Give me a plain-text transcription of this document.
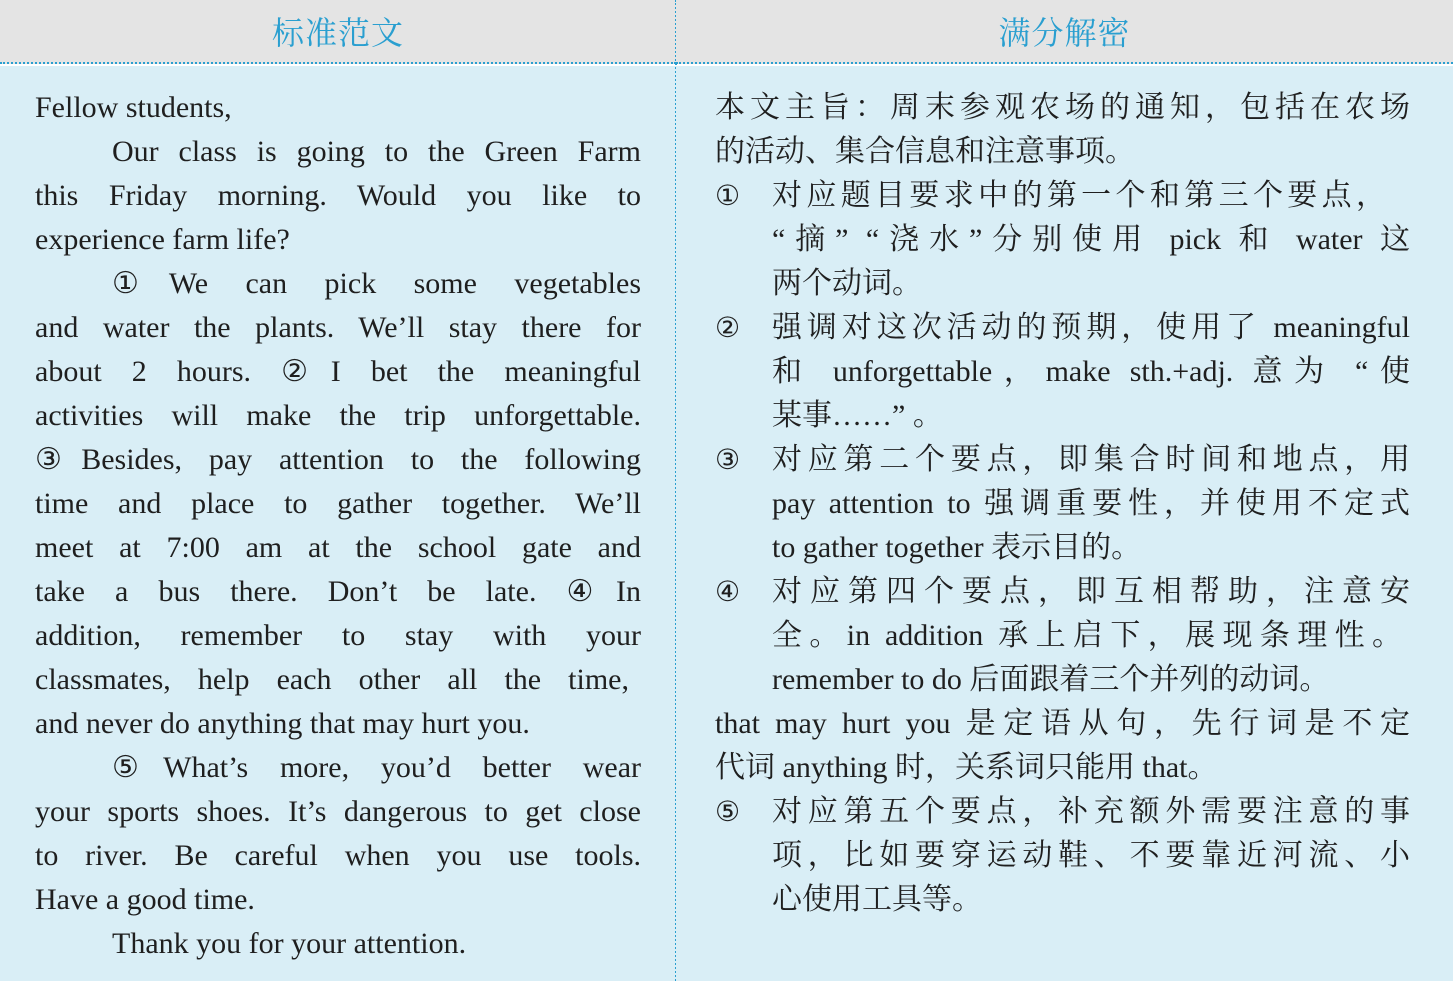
标准范文
Fellow students,
Our class is going to the Green Farm
this Friday morning. Would you like to
experience farm life?
①We can pick some vegetables
and water the plants. We’ll stay there for
about 2 hours. ②I bet the meaningful
activities will make the trip unforgettable.
③Besides, pay attention to the following
time and place to gather together. We’ll
meet at 7:00 am at the school gate and
take a bus there. Don’t be late. ④In
addition, remember to stay with your
classmates, help each other all the time,
and never do anything that may hurt you.
⑤What’s more, you’d better wear
your sports shoes. It’s dangerous to get close
to river. Be careful when you use tools.
Have a good time.
Thank you for your attention.
满分解密
本文主旨：周末参观农场的通知，包括在农场
的活动、集合信息和注意事项。
① 对应题目要求中的第一个和第三个要点，
“摘” “浇水”分别使用 pick 和 water 这
两个动词。
② 强调对这次活动的预期，使用了 meaningful
和 unforgettable，make sth.+adj. 意为 “使
某事……” 。
③ 对应第二个要点，即集合时间和地点，用
pay attention to 强调重要性，并使用不定式
to gather together 表示目的。
④ 对应第四个要点，即互相帮助，注意安
全。in addition 承上启下，展现条理性。
remember to do 后面跟着三个并列的动词。
that may hurt you 是定语从句，先行词是不定
代词 anything 时，关系词只能用 that。
⑤ 对应第五个要点，补充额外需要注意的事
项，比如要穿运动鞋、不要靠近河流、小
心使用工具等。
